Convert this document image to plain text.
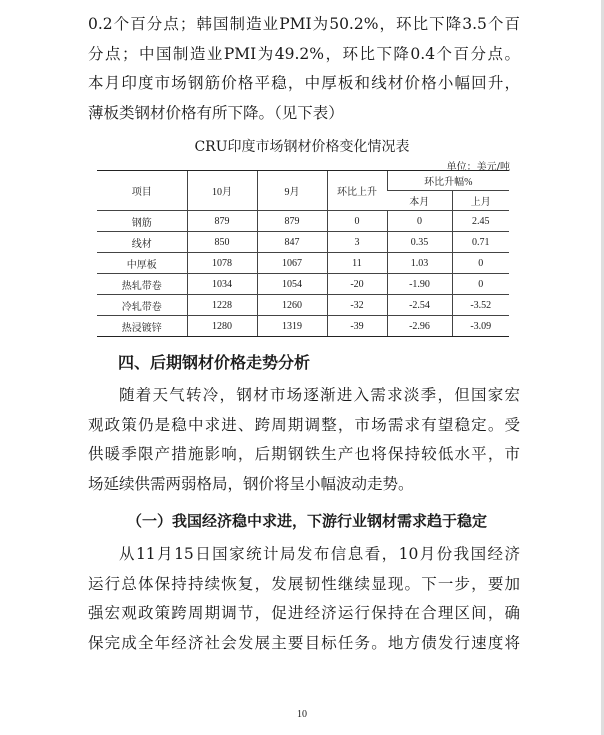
0.2个百分点；韩国制造业PMI为50.2%，环比下降3.5个百
分点；中国制造业PMI为49.2%，环比下降0.4个百分点。
本月印度市场钢筋价格平稳，中厚板和线材价格小幅回升，
薄板类钢材价格有所下降。（见下表）
CRU印度市场钢材价格变化情况表
单位：美元/吨
项目	10月	9月	环比上升	环比升幅%	
				本月	上月
钢筋	879	879	0	0	2.45
线材	850	847	3	0.35	0.71
中厚板	1078	1067	11	1.03	0
热轧带卷	1034	1054	-20	-1.90	0
冷轧带卷	1228	1260	-32	-2.54	-3.52
热浸镀锌	1280	1319	-39	-2.96	-3.09
四、后期钢材价格走势分析
随着天气转冷，钢材市场逐渐进入需求淡季，但国家宏
观政策仍是稳中求进、跨周期调整，市场需求有望稳定。受
供暖季限产措施影响，后期钢铁生产也将保持较低水平，市
场延续供需两弱格局，钢价将呈小幅波动走势。
（一）我国经济稳中求进，下游行业钢材需求趋于稳定
从11月15日国家统计局发布信息看，10月份我国经济
运行总体保持持续恢复，发展韧性继续显现。下一步，要加
强宏观政策跨周期调节，促进经济运行保持在合理区间，确
保完成全年经济社会发展主要目标任务。地方债发行速度将
10
